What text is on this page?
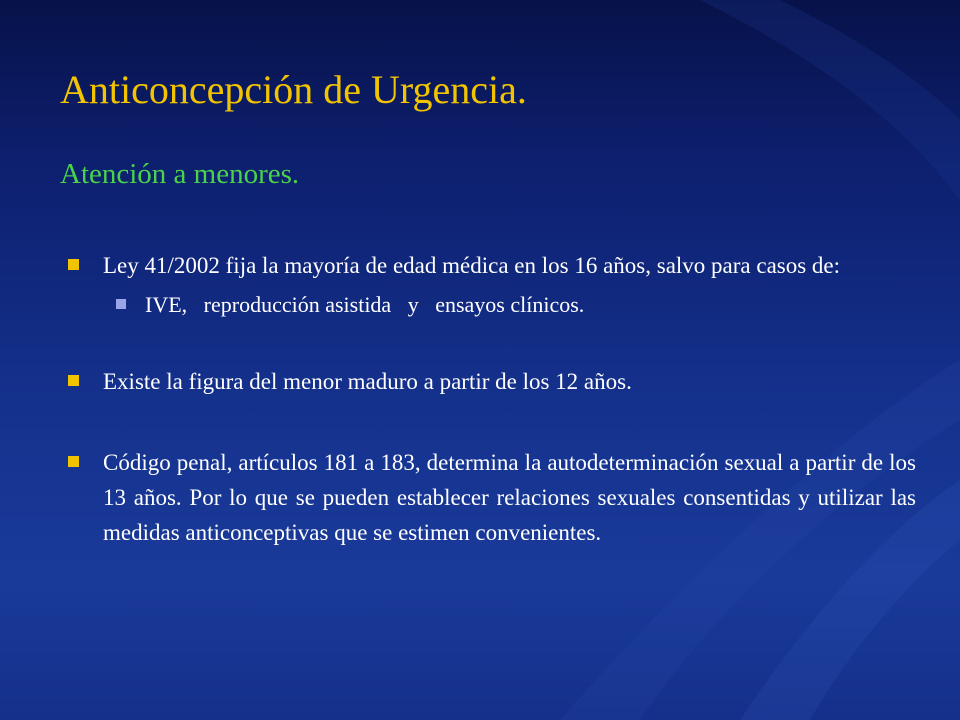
Anticoncepción de Urgencia.
Atención a menores.
Ley 41/2002 fija la mayoría de edad médica en los 16 años, salvo para casos de:
IVE,   reproducción asistida   y   ensayos clínicos.
Existe la figura del menor maduro a partir de los 12 años.
Código penal, artículos 181 a 183, determina la autodeterminación sexual a partir de los 13 años. Por lo que se pueden establecer relaciones sexuales consentidas y utilizar las medidas anticonceptivas que se estimen convenientes.
